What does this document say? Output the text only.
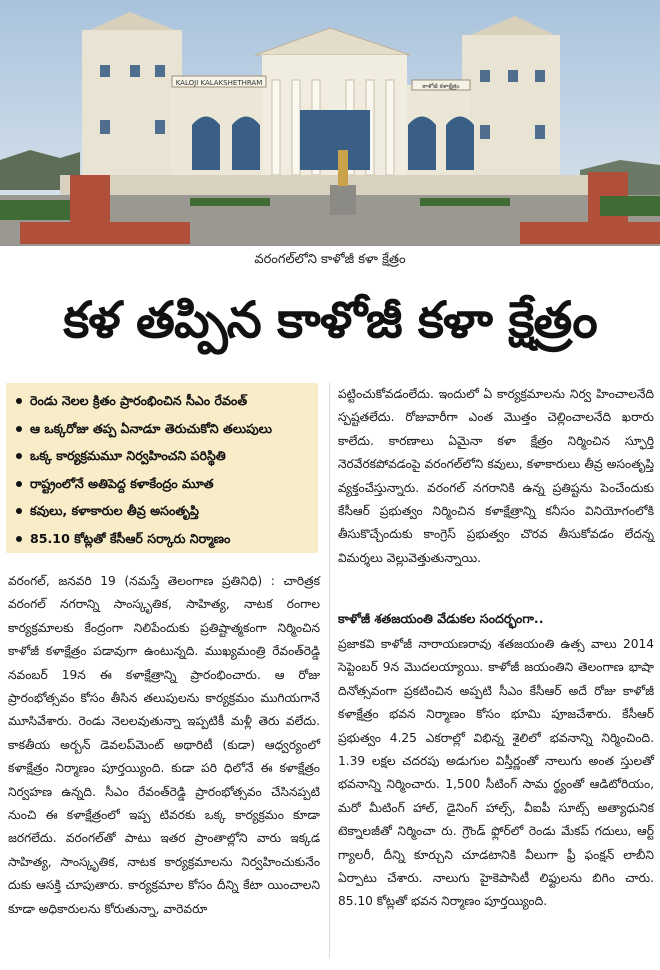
KALOJI KALAKSHETHRAM	కాళోజీ కళాక్షేత్రం
వరంగల్‌లోని కాళోజీ కళా క్షేత్రం
కళ తప్పిన కాళోజీ కళా క్షేత్రం
రెండు నెలల క్రితం ప్రారంభించిన సీఎం రేవంత్
ఆ ఒక్కరోజు తప్ప ఏనాడూ తెరుచుకోని తలుపులు
ఒక్క కార్యక్రమమూ నిర్వహించని పరిస్థితి
రాష్ట్రంలోనే అతిపెద్ద కళాకేంద్రం మూత
కవులు, కళాకారుల తీవ్ర అసంతృప్తి
85.10 కోట్లతో కేసీఆర్ సర్కారు నిర్మాణం

వరంగల్, జనవరి 19 (నమస్తే తెలంగాణ ప్రతినిధి) : చారిత్రక వరంగల్ నగరాన్ని సాంస్కృతిక, సాహిత్య, నాటక రంగాల కార్యక్రమాలకు కేంద్రంగా నిలిపేందుకు ప్రతిష్టాత్మకంగా నిర్మించిన కాళోజీ కళాక్షేత్రం పడావుగా ఉంటున్నది. ముఖ్యమంత్రి రేవంత్‌రెడ్డి నవంబర్ 19న ఈ కళాక్షేత్రాన్ని ప్రారంభించారు. ఆ రోజు ప్రారంభోత్సవం కోసం తీసిన తలుపులను కార్యక్రమం ముగియగానే మూసివేశారు. రెండు నెలలవుతున్నా ఇప్పటికీ మళ్లీ తెరు వలేదు. కాకతీయ అర్బన్ డెవలప్‌మెంట్ అథారిటీ (కుడా) ఆధ్వర్యంలో కళాక్షేత్రం నిర్మాణం పూర్తయ్యింది. కుడా పరి ధిలోనే ఈ కళాక్షేత్రం నిర్వహణ ఉన్నది. సీఎం రేవంత్‌రెడ్డి ప్రారంభోత్సవం చేసినప్పటి నుంచి ఈ కళాక్షేత్రంలో ఇప్ప టివరకు ఒక్క కార్యక్రమం కూడా జరగలేదు. వరంగల్‌తో పాటు ఇతర ప్రాంతాల్లోని వారు ఇక్కడ సాహిత్య, సాంస్కృతిక, నాటక కార్యక్రమాలను నిర్వహించుకునేం దుకు ఆసక్తి చూపుతారు. కార్యక్రమాల కోసం దీన్ని కేటా యించాలని కూడా అధికారులను కోరుతున్నా, వారెవరూ

పట్టించుకోవడంలేదు. ఇందులో ఏ కార్యక్రమాలను నిర్వ హించాలనేది స్పష్టతలేదు. రోజువారీగా ఎంత మొత్తం చెల్లించాలనేది ఖరారు కాలేదు. కారణాలు ఏమైనా కళా క్షేత్రం నిర్మించిన స్ఫూర్తి నెరవేరకపోవడంపై వరంగల్‌లోని కవులు, కళాకారులు తీవ్ర అసంతృప్తి వ్యక్తంచేస్తున్నారు. వరంగల్ నగరానికి ఉన్న ప్రతిష్టను పెంచేందుకు కేసీఆర్ ప్రభుత్వం నిర్మించిన కళాక్షేత్రాన్ని కనీసం వినియోగంలోకి తీసుకొచ్చేందుకు కాంగ్రెస్ ప్రభుత్వం చొరవ తీసుకోవడం లేదన్న విమర్శలు వెల్లువెత్తుతున్నాయి.

కాళోజీ శతజయంతి వేడుకల సందర్భంగా..

ప్రజాకవి కాళోజీ నారాయణరావు శతజయంతి ఉత్స వాలు 2014 సెప్టెంబర్ 9న మొదలయ్యాయి. కాళోజీ జయంతిని తెలంగాణ భాషా దినోత్సవంగా ప్రకటించిన అప్పటి సీఎం కేసీఆర్ అదే రోజు కాళోజీ కళాక్షేత్రం భవన నిర్మాణం కోసం భూమి పూజచేశారు. కేసీఆర్ ప్రభుత్వం 4.25 ఎకరాల్లో విభిన్న శైలిలో భవనాన్ని నిర్మించింది. 1.39 లక్షల చదరపు అడుగుల విస్తీర్ణంతో నాలుగు అంత స్తులతో భవనాన్ని నిర్మించారు. 1,500 సీటింగ్ సామ ర్థ్యంతో ఆడిటోరియం, మరో మీటింగ్ హాల్, డైనింగ్ హాల్స్, వీఐపీ సూట్స్ అత్యాధునిక టెక్నాలజీతో నిర్మించా రు. గ్రౌండ్ ఫ్లోర్‌లో రెండు మేకప్ గదులు, ఆర్ట్ గ్యాలరీ, దీన్ని కూర్చుని చూడటానికి వీలుగా ఫ్రీ ఫంక్షన్ లాబీని ఏర్పాటు చేశారు. నాలుగు హైకెపాసిటీ లిఫ్టులను బిగిం చారు. 85.10 కోట్లతో భవన నిర్మాణం పూర్తయ్యింది.
